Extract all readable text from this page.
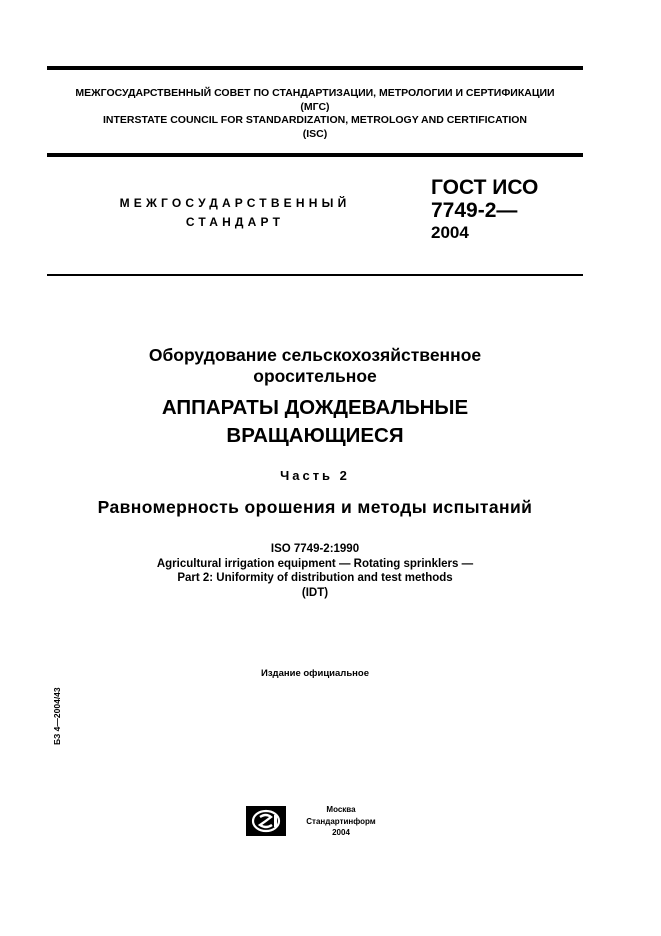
МЕЖГОСУДАРСТВЕННЫЙ СОВЕТ ПО СТАНДАРТИЗАЦИИ, МЕТРОЛОГИИ И СЕРТИФИКАЦИИ
(МГС)
INTERSTATE COUNCIL FOR STANDARDIZATION, METROLOGY AND CERTIFICATION
(ISC)
МЕЖГОСУДАРСТВЕННЫЙ
СТАНДАРТ
ГОСТ ИСО
7749-2—
2004
Оборудование сельскохозяйственное
оросительное
АППАРАТЫ ДОЖДЕВАЛЬНЫЕ
ВРАЩАЮЩИЕСЯ
Часть 2
Равномерность орошения и методы испытаний
ISO 7749-2:1990
Agricultural irrigation equipment — Rotating sprinklers —
Part 2: Uniformity of distribution and test methods
(IDT)
Издание официальное
БЗ 4—2004/43
Москва
Стандартинформ
2004
